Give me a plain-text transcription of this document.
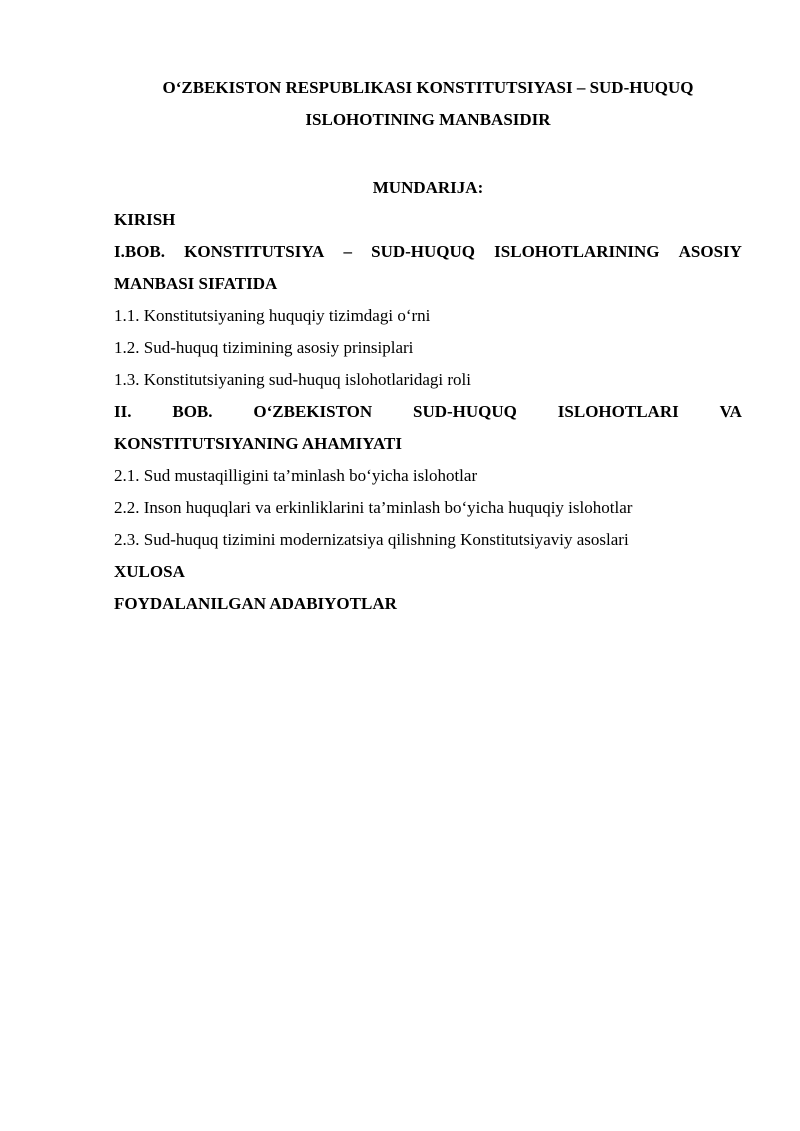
O‘ZBEKISTON RESPUBLIKASI KONSTITUTSIYASI – SUD-HUQUQ

ISLOHOTINING MANBASIDIR

MUNDARIJA:

KIRISH

I.BOB. KONSTITUTSIYA – SUD-HUQUQ ISLOHOTLARINING ASOSIY

MANBASI SIFATIDA

1.1. Konstitutsiyaning huquqiy tizimdagi o‘rni

1.2. Sud-huquq tizimining asosiy prinsiplari

1.3. Konstitutsiyaning sud-huquq islohotlaridagi roli

II. BOB. O‘ZBEKISTON SUD-HUQUQ ISLOHOTLARI VA

KONSTITUTSIYANING AHAMIYATI

2.1. Sud mustaqilligini ta’minlash bo‘yicha islohotlar

2.2. Inson huquqlari va erkinliklarini ta’minlash bo‘yicha huquqiy islohotlar

2.3. Sud-huquq tizimini modernizatsiya qilishning Konstitutsiyaviy asoslari

XULOSA

FOYDALANILGAN ADABIYOTLAR
